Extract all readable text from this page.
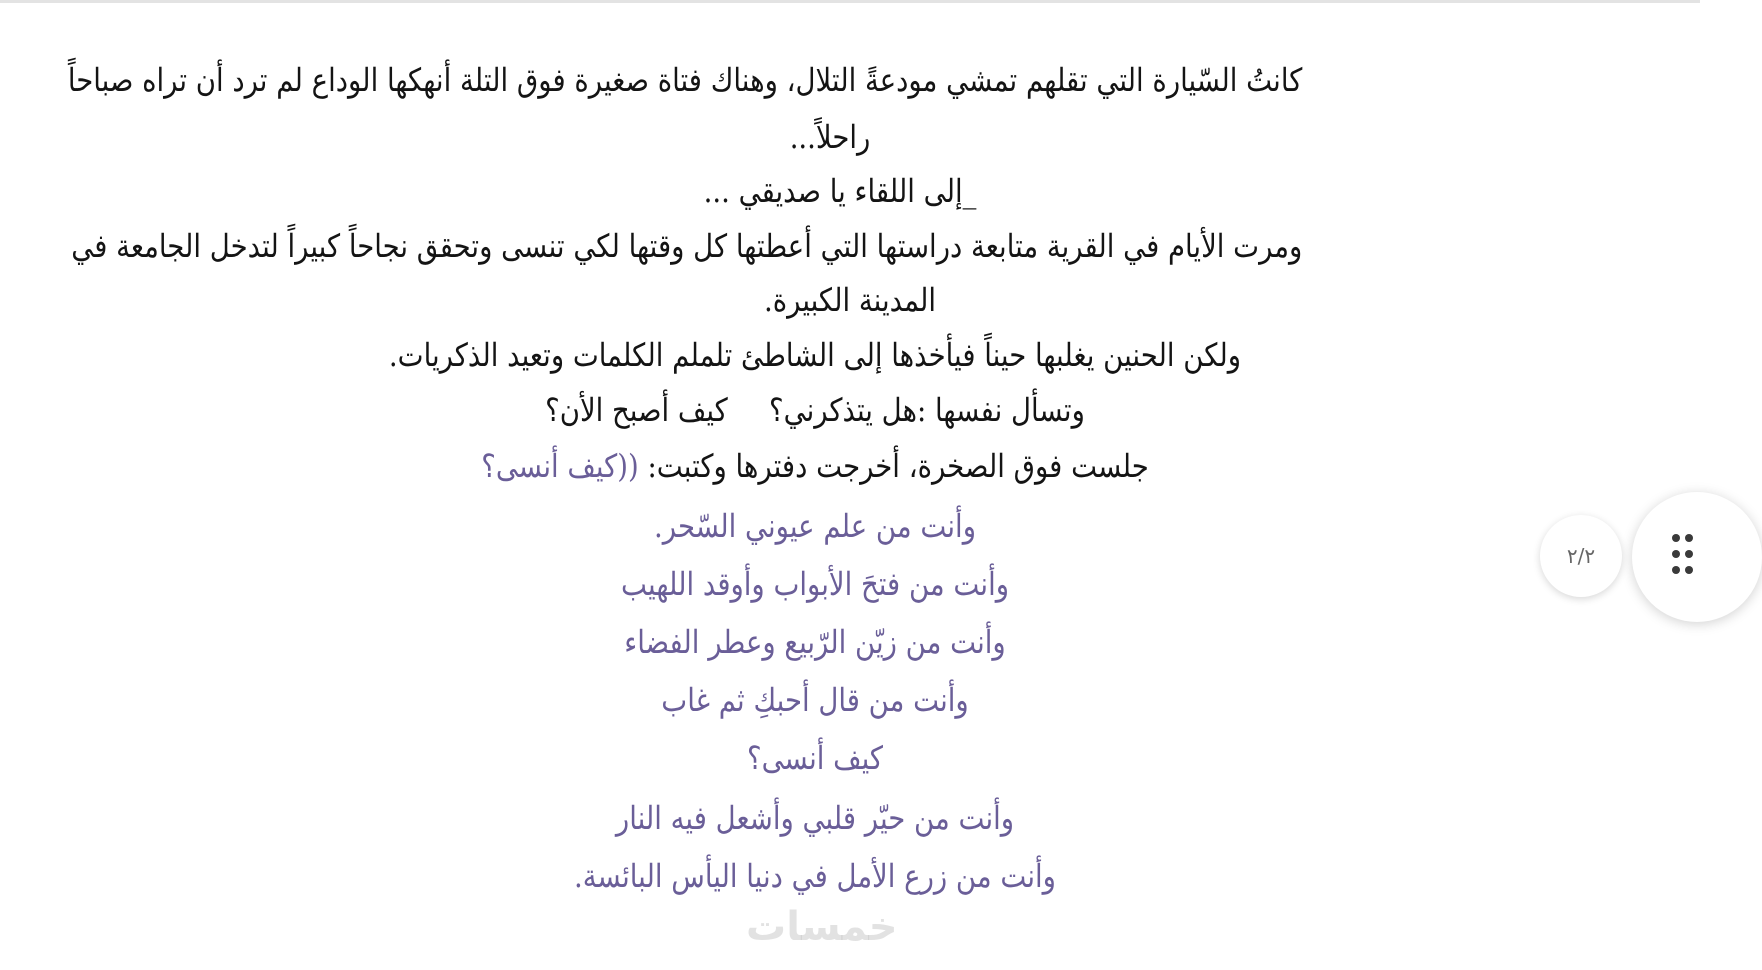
كانتُ السّيارة التي تقلهم تمشي مودعةً التلال، وهناك فتاة صغيرة فوق التلة أنهكها الوداع لم ترد أن تراه صباحاً
راحلاً...
_إلى اللقاء يا صديقي ...
ومرت الأيام في القرية متابعة دراستها التي أعطتها كل وقتها لكي تنسى وتحقق نجاحاً كبيراً لتدخل الجامعة في
المدينة الكبيرة.
ولكن الحنين يغلبها حيناً فيأخذها إلى الشاطئ تلملم الكلمات وتعيد الذكريات.
وتسأل نفسها :هل يتذكرني؟كيف أصبح الأن؟
جلست فوق الصخرة، أخرجت دفترها وكتبت: ((كيف أنسى؟
وأنت من علم عيوني السّحر.
وأنت من فتحَ الأبواب وأوقد اللهيب
وأنت من زيّن الرّبيع وعطر الفضاء
وأنت من قال أحبكِ ثم غاب
كيف أنسى؟
وأنت من حيّر قلبي وأشعل فيه النار
وأنت من زرع الأمل في دنيا اليأس البائسة.
خمسات
٢/٢
